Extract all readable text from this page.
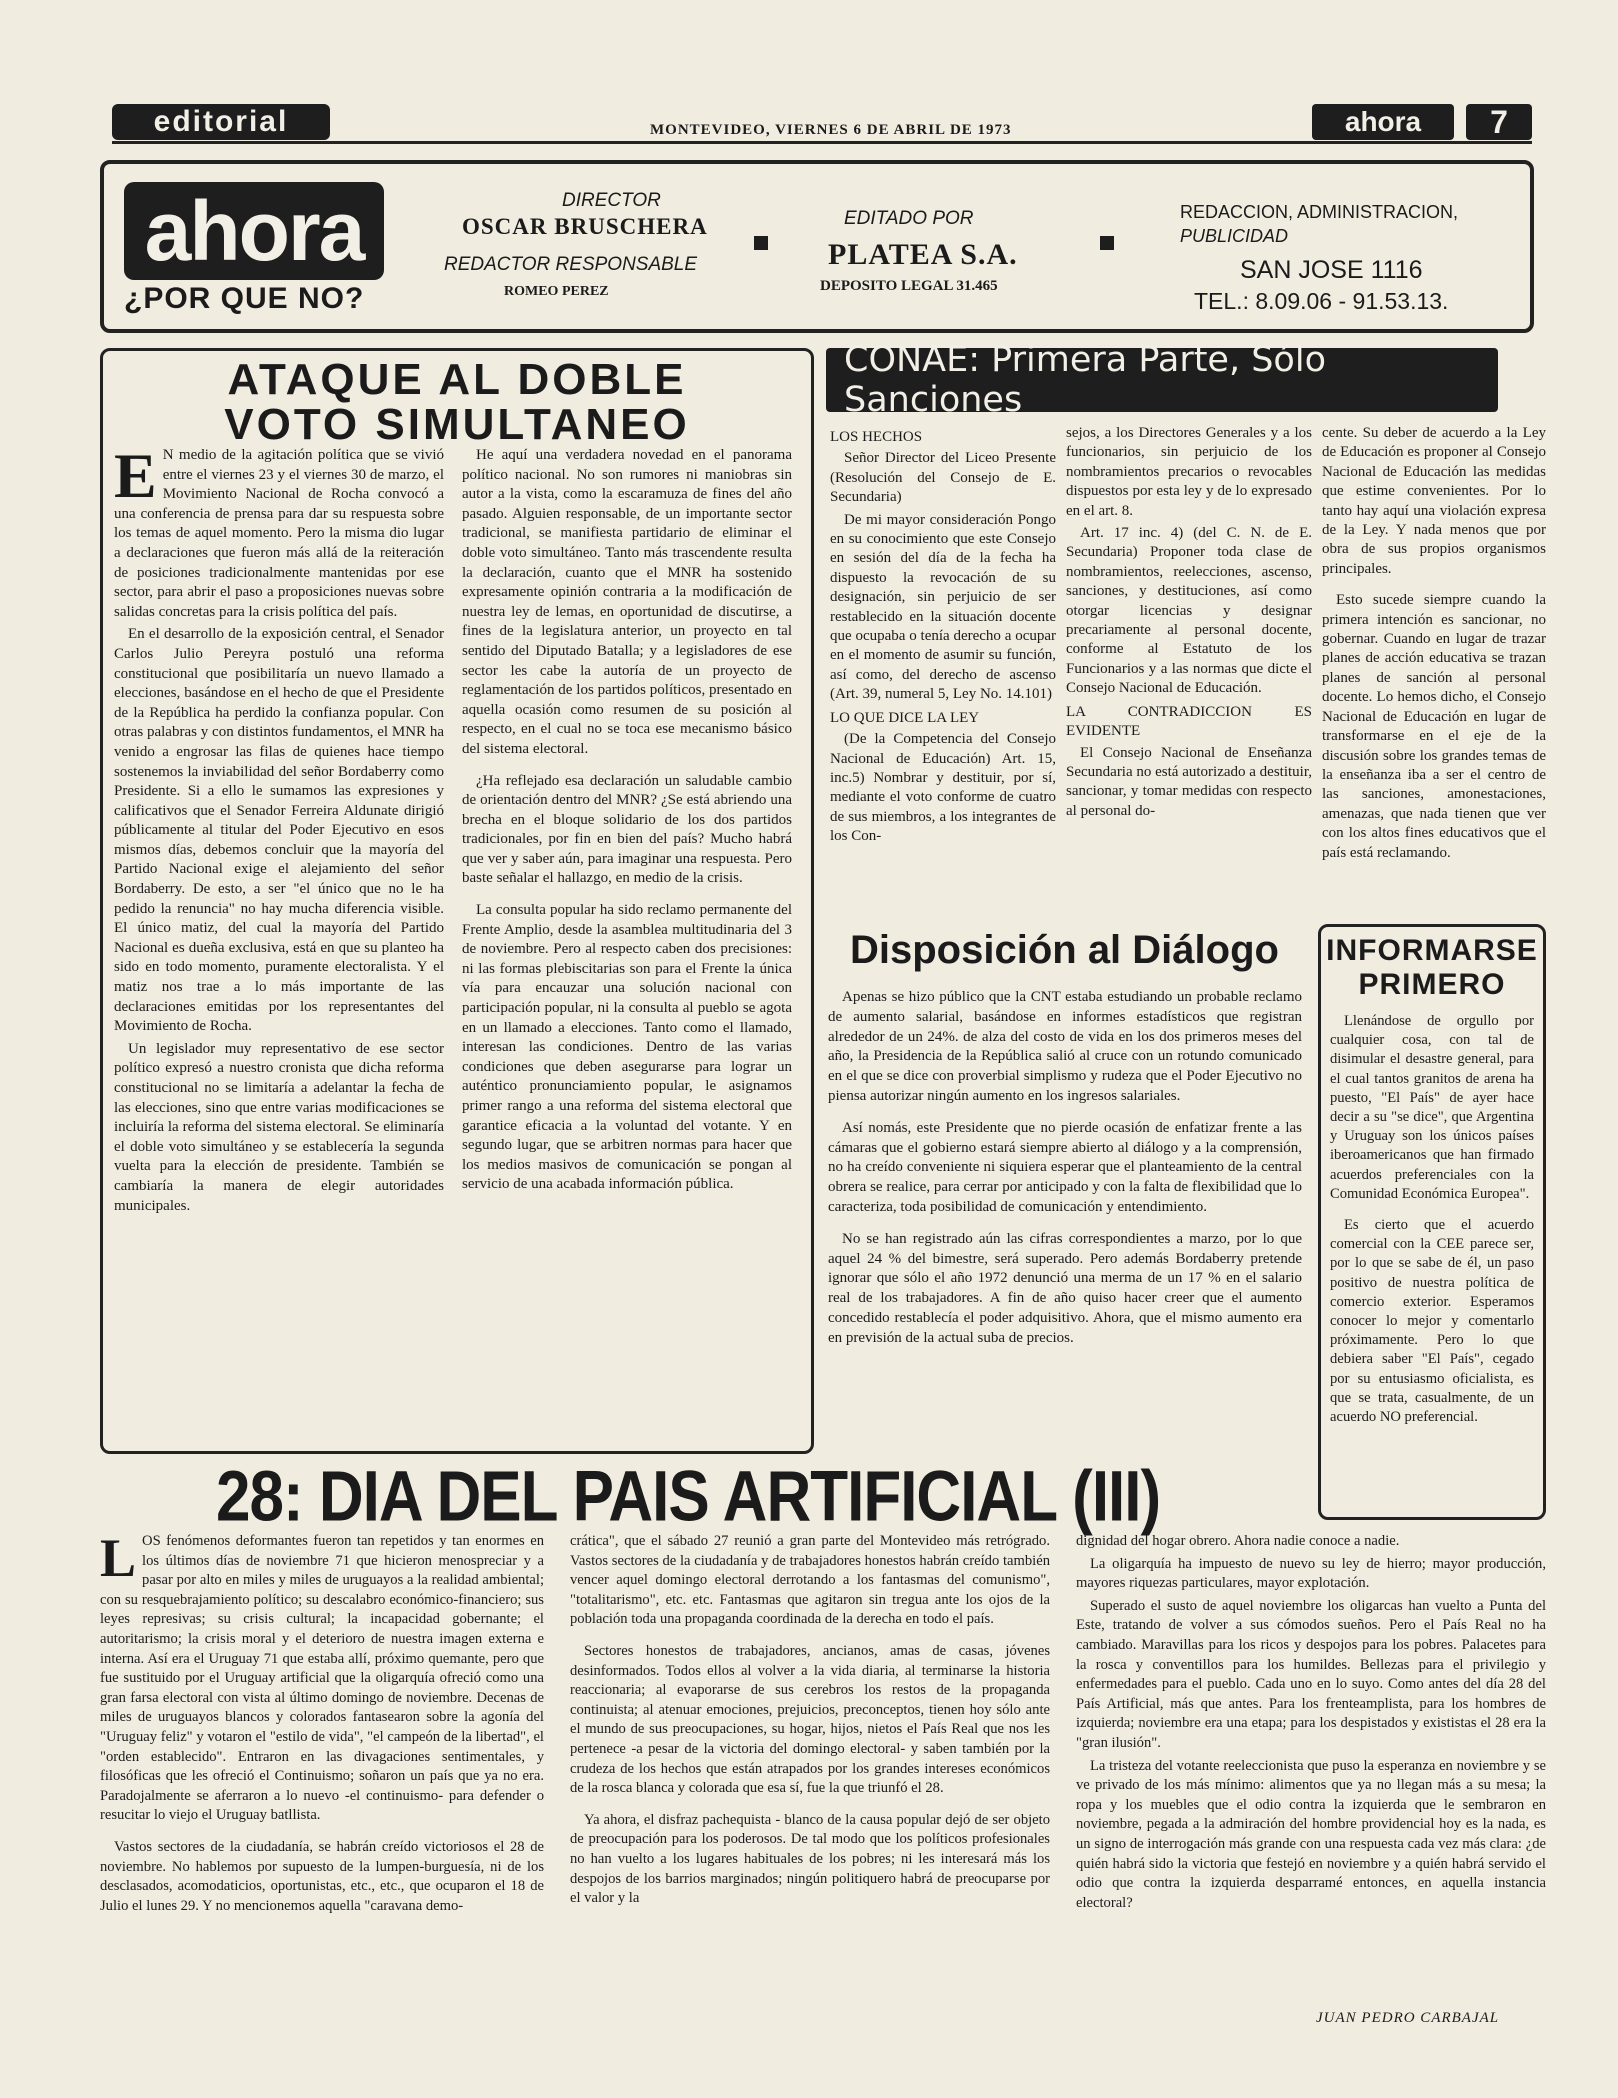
editorial	MONTEVIDEO, VIERNES 6 DE ABRIL DE 1973	ahora	7
ahora
¿POR QUE NO?
DIRECTOR
OSCAR BRUSCHERA
REDACTOR RESPONSABLE
ROMEO PEREZ
EDITADO POR
PLATEA S.A.
DEPOSITO LEGAL 31.465
REDACCION, ADMINISTRACION,
PUBLICIDAD
SAN JOSE 1116
TEL.: 8.09.06 - 91.53.13.
ATAQUE AL DOBLE
VOTO SIMULTANEO

E N medio de la agitación política que se vivió entre el viernes 23 y el viernes 30 de marzo, el Movimiento Nacional de Rocha convocó a una conferencia de prensa para dar su respuesta sobre los temas de aquel momento. Pero la misma dio lugar a declaraciones que fueron más allá de la reiteración de posiciones tradicionalmente mantenidas por ese sector, para abrir el paso a proposiciones nuevas sobre salidas concretas para la crisis política del país.

En el desarrollo de la exposición central, el Senador Carlos Julio Pereyra postuló una reforma constitucional que posibilitaría un nuevo llamado a elecciones, basándose en el hecho de que el Presidente de la República ha perdido la confianza popular. Con otras palabras y con distintos fundamentos, el MNR ha venido a engrosar las filas de quienes hace tiempo sostenemos la inviabilidad del señor Bordaberry como Presidente. Si a ello le sumamos las expresiones y calificativos que el Senador Ferreira Aldunate dirigió públicamente al titular del Poder Ejecutivo en esos mismos días, debemos concluir que la mayoría del Partido Nacional exige el alejamiento del señor Bordaberry. De esto, a ser "el único que no le ha pedido la renuncia" no hay mucha diferencia visible. El único matiz, del cual la mayoría del Partido Nacional es dueña exclusiva, está en que su planteo ha sido en todo momento, puramente electoralista. Y el matiz nos trae a lo más importante de las declaraciones emitidas por los representantes del Movimiento de Rocha.

Un legislador muy representativo de ese sector político expresó a nuestro cronista que dicha reforma constitucional no se limitaría a adelantar la fecha de las elecciones, sino que entre varias modificaciones se incluiría la reforma del sistema electoral. Se eliminaría el doble voto simultáneo y se establecería la segunda vuelta para la elección de presidente. También se cambiaría la manera de elegir autoridades municipales.

He aquí una verdadera novedad en el panorama político nacional. No son rumores ni maniobras sin autor a la vista, como la escaramuza de fines del año pasado. Alguien responsable, de un importante sector tradicional, se manifiesta partidario de eliminar el doble voto simultáneo. Tanto más trascendente resulta la declaración, cuanto que el MNR ha sostenido expresamente opinión contraria a la modificación de nuestra ley de lemas, en oportunidad de discutirse, a fines de la legislatura anterior, un proyecto en tal sentido del Diputado Batalla; y a legisladores de ese sector les cabe la autoría de un proyecto de reglamentación de los partidos políticos, presentado en aquella ocasión como resumen de su posición al respecto, en el cual no se toca ese mecanismo básico del sistema electoral.

¿Ha reflejado esa declaración un saludable cambio de orientación dentro del MNR? ¿Se está abriendo una brecha en el bloque solidario de los dos partidos tradicionales, por fin en bien del país? Mucho habrá que ver y saber aún, para imaginar una respuesta. Pero baste señalar el hallazgo, en medio de la crisis.

La consulta popular ha sido reclamo permanente del Frente Amplio, desde la asamblea multitudinaria del 3 de noviembre. Pero al respecto caben dos precisiones: ni las formas plebiscitarias son para el Frente la única vía para encauzar una solución nacional con participación popular, ni la consulta al pueblo se agota en un llamado a elecciones. Tanto como el llamado, interesan las condiciones. Dentro de las varias condiciones que deben asegurarse para lograr un auténtico pronunciamiento popular, le asignamos primer rango a una reforma del sistema electoral que garantice eficacia a la voluntad del votante. Y en segundo lugar, que se arbitren normas para hacer que los medios masivos de comunicación se pongan al servicio de una acabada información pública.

CONAE: Primera Parte, Sólo Sanciones
LOS HECHOS

Señor Director del Liceo Presente (Resolución del Consejo de E. Secundaria)

De mi mayor consideración Pongo en su conocimiento que este Consejo en sesión del día de la fecha ha dispuesto la revocación de su designación, sin perjuicio de ser restablecido en la situación docente que ocupaba o tenía derecho a ocupar en el momento de asumir su función, así como, del derecho de ascenso (Art. 39, numeral 5, Ley No. 14.101)

LO QUE DICE LA LEY

(De la Competencia del Consejo Nacional de Educación) Art. 15, inc.5) Nombrar y destituir, por sí, mediante el voto conforme de cuatro de sus miembros, a los integrantes de los Con-

sejos, a los Directores Generales y a los funcionarios, sin perjuicio de los nombramientos precarios o revocables dispuestos por esta ley y de lo expresado en el art. 8.

Art. 17 inc. 4) (del C. N. de E. Secundaria) Proponer toda clase de nombramientos, reelecciones, ascenso, sanciones, y destituciones, así como otorgar licencias y designar precariamente al personal docente, conforme al Estatuto de los Funcionarios y a las normas que dicte el Consejo Nacional de Educación.

LA CONTRADICCION ES EVIDENTE

El Consejo Nacional de Enseñanza Secundaria no está autorizado a destituir, sancionar, y tomar medidas con respecto al personal do-

cente. Su deber de acuerdo a la Ley de Educación es proponer al Consejo Nacional de Educación las medidas que estime convenientes. Por lo tanto hay aquí una violación expresa de la Ley. Y nada menos que por obra de sus propios organismos principales.

Esto sucede siempre cuando la primera intención es sancionar, no gobernar. Cuando en lugar de trazar planes de acción educativa se trazan planes de sanción al personal docente. Lo hemos dicho, el Consejo Nacional de Educación en lugar de transformarse en el eje de la discusión sobre los grandes temas de la enseñanza iba a ser el centro de las sanciones, amonestaciones, amenazas, que nada tienen que ver con los altos fines educativos que el país está reclamando.

Disposición al Diálogo

Apenas se hizo público que la CNT estaba estudiando un probable reclamo de aumento salarial, basándose en informes estadísticos que registran alrededor de un 24%. de alza del costo de vida en los dos primeros meses del año, la Presidencia de la República salió al cruce con un rotundo comunicado en el que se dice con proverbial simplismo y rudeza que el Poder Ejecutivo no piensa autorizar ningún aumento en los ingresos salariales.

Así nomás, este Presidente que no pierde ocasión de enfatizar frente a las cámaras que el gobierno estará siempre abierto al diálogo y a la comprensión, no ha creído conveniente ni siquiera esperar que el planteamiento de la central obrera se realice, para cerrar por anticipado y con la falta de flexibilidad que lo caracteriza, toda posibilidad de comunicación y entendimiento.

No se han registrado aún las cifras correspondientes a marzo, por lo que aquel 24 % del bimestre, será superado. Pero además Bordaberry pretende ignorar que sólo el año 1972 denunció una merma de un 17 % en el salario real de los trabajadores. A fin de año quiso hacer creer que el aumento concedido restablecía el poder adquisitivo. Ahora, que el mismo aumento era en previsión de la actual suba de precios.

INFORMARSE
PRIMERO

Llenándose de orgullo por cualquier cosa, con tal de disimular el desastre general, para el cual tantos granitos de arena ha puesto, "El País" de ayer hace decir a su "se dice", que Argentina y Uruguay son los únicos países iberoamericanos que han firmado acuerdos preferenciales con la Comunidad Económica Europea".

Es cierto que el acuerdo comercial con la CEE parece ser, por lo que se sabe de él, un paso positivo de nuestra política de comercio exterior. Esperamos conocer lo mejor y comentarlo próximamente. Pero lo que debiera saber "El País", cegado por su entusiasmo oficialista, es que se trata, casualmente, de un acuerdo NO preferencial.

28: DIA DEL PAIS ARTIFICIAL (III)

LOS fenómenos deformantes fueron tan repetidos y tan enormes en los últimos días de noviembre 71 que hicieron menospreciar y a pasar por alto en miles y miles de uruguayos a la realidad ambiental; con su resquebrajamiento político; su descalabro económico-financiero; sus leyes represivas; su crisis cultural; la incapacidad gobernante; el autoritarismo; la crisis moral y el deterioro de nuestra imagen externa e interna. Así era el Uruguay 71 que estaba allí, próximo quemante, pero que fue sustituido por el Uruguay artificial que la oligarquía ofreció como una gran farsa electoral con vista al último domingo de noviembre. Decenas de miles de uruguayos blancos y colorados fantasearon sobre la agonía del "Uruguay feliz" y votaron el "estilo de vida", "el campeón de la libertad", el "orden establecido". Entraron en las divagaciones sentimentales, y filosóficas que les ofreció el Continuismo; soñaron un país que ya no era. Paradojalmente se aferraron a lo nuevo -el continuismo- para defender o resucitar lo viejo el Uruguay batllista.

Vastos sectores de la ciudadanía, se habrán creído victoriosos el 28 de noviembre. No hablemos por supuesto de la lumpen-burguesía, ni de los desclasados, acomodaticios, oportunistas, etc., etc., que ocuparon el 18 de Julio el lunes 29. Y no mencionemos aquella "caravana demo-

crática", que el sábado 27 reunió a gran parte del Montevideo más retrógrado. Vastos sectores de la ciudadanía y de trabajadores honestos habrán creído también vencer aquel domingo electoral derrotando a los fantasmas del comunismo", "totalitarismo", etc. etc. Fantasmas que agitaron sin tregua ante los ojos de la población toda una propaganda coordinada de la derecha en todo el país.

Sectores honestos de trabajadores, ancianos, amas de casas, jóvenes desinformados. Todos ellos al volver a la vida diaria, al terminarse la historia reaccionaria; al evaporarse de sus cerebros los restos de la propaganda continuista; al atenuar emociones, prejuicios, preconceptos, tienen hoy sólo ante el mundo de sus preocupaciones, su hogar, hijos, nietos el País Real que nos les pertenece -a pesar de la victoria del domingo electoral- y saben también por la crudeza de los hechos que están atrapados por los grandes intereses económicos de la rosca blanca y colorada que esa sí, fue la que triunfó el 28.

Ya ahora, el disfraz pachequista - blanco de la causa popular dejó de ser objeto de preocupación para los poderosos. De tal modo que los políticos profesionales no han vuelto a los lugares habituales de los pobres; ni les interesará más los despojos de los barrios marginados; ningún politiquero habrá de preocuparse por el valor y la

dignidad del hogar obrero. Ahora nadie conoce a nadie.

La oligarquía ha impuesto de nuevo su ley de hierro; mayor producción, mayores riquezas particulares, mayor explotación.

Superado el susto de aquel noviembre los oligarcas han vuelto a Punta del Este, tratando de volver a sus cómodos sueños. Pero el País Real no ha cambiado. Maravillas para los ricos y despojos para los pobres. Palacetes para la rosca y conventillos para los humildes. Bellezas para el privilegio y enfermedades para el pueblo. Cada uno en lo suyo. Como antes del día 28 del País Artificial, más que antes. Para los frenteamplista, para los hombres de izquierda; noviembre era una etapa; para los despistados y exististas el 28 era la "gran ilusión".

La tristeza del votante reeleccionista que puso la esperanza en noviembre y se ve privado de los más mínimo: alimentos que ya no llegan más a su mesa; la ropa y los muebles que el odio contra la izquierda que le sembraron en noviembre, pegada a la admiración del hombre providencial hoy es la nada, es un signo de interrogación más grande con una respuesta cada vez más clara: ¿de quién habrá sido la victoria que festejó en noviembre y a quién habrá servido el odio que contra la izquierda desparramé entonces, en aquella instancia electoral?

JUAN PEDRO CARBAJAL
